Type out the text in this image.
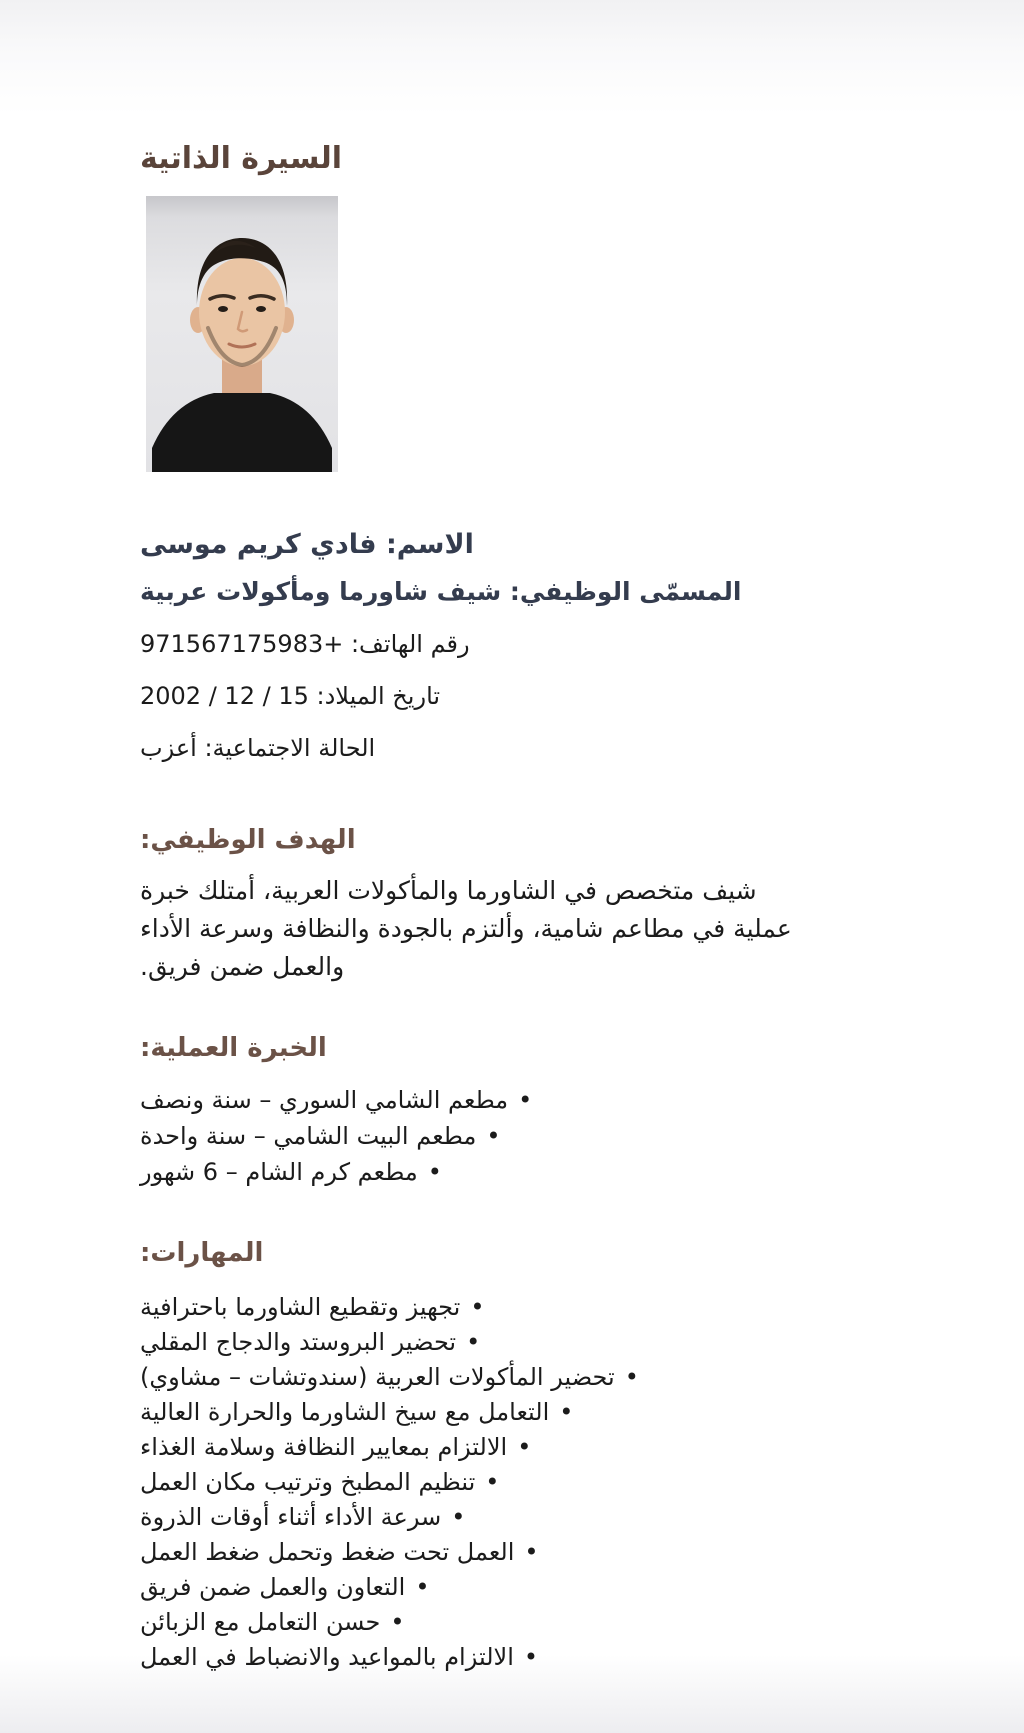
السيرة الذاتية

الاسم: فادي كريم موسى

المسمّى الوظيفي: شيف شاورما ومأكولات عربية

رقم الهاتف: +971567175983

تاريخ الميلاد: 15 / 12 / 2002

الحالة الاجتماعية: أعزب

الهدف الوظيفي:

شيف متخصص في الشاورما والمأكولات العربية، أمتلك خبرة عملية في مطاعم شامية، وألتزم بالجودة والنظافة وسرعة الأداء والعمل ضمن فريق.

الخبرة العملية:
• مطعم الشامي السوري – سنة ونصف
• مطعم البيت الشامي – سنة واحدة
• مطعم كرم الشام – 6 شهور
المهارات:
• تجهيز وتقطيع الشاورما باحترافية
• تحضير البروستد والدجاج المقلي
• تحضير المأكولات العربية (سندوتشات – مشاوي)
• التعامل مع سيخ الشاورما والحرارة العالية
• الالتزام بمعايير النظافة وسلامة الغذاء
• تنظيم المطبخ وترتيب مكان العمل
• سرعة الأداء أثناء أوقات الذروة
• العمل تحت ضغط وتحمل ضغط العمل
• التعاون والعمل ضمن فريق
• حسن التعامل مع الزبائن
• الالتزام بالمواعيد والانضباط في العمل
